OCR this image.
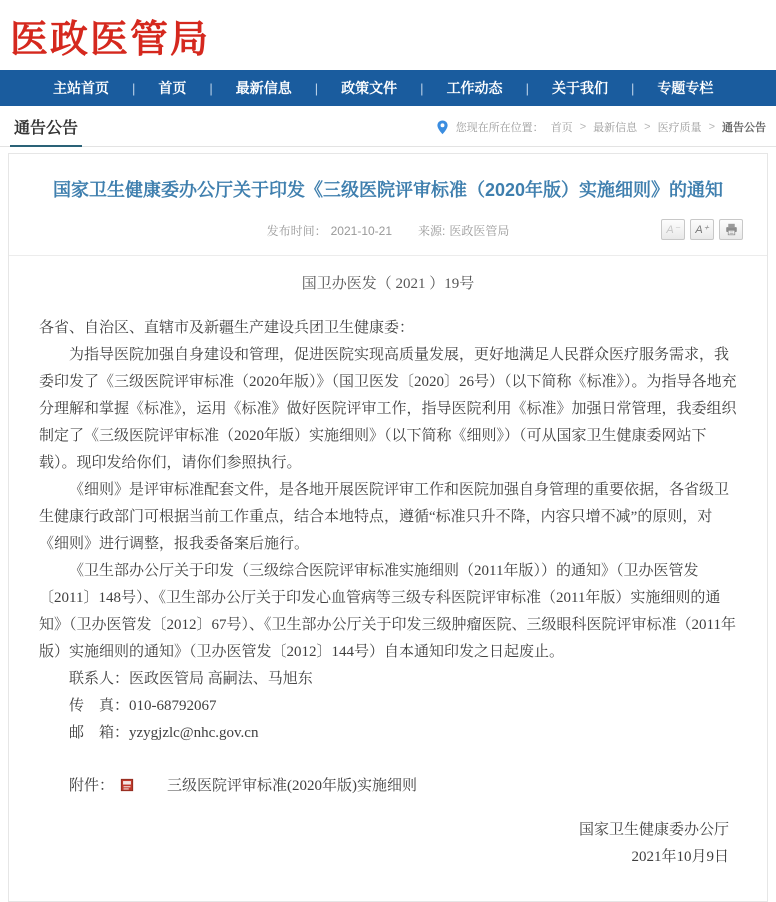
医政医管局
主站首页	|	首页	|	最新信息	|	政策文件	|	工作动态	|	关于我们	|	专题专栏
通告公告	您现在所在位置： 首页 > 最新信息 > 医疗质量 > 通告公告
国家卫生健康委办公厅关于印发《三级医院评审标准（2020年版）实施细则》的通知
发布时间： 2021-10-21 来源: 医政医管局	A⁻	A⁺
国卫办医发（ 2021 ）19号

各省、自治区、直辖市及新疆生产建设兵团卫生健康委：

为指导医院加强自身建设和管理，促进医院实现高质量发展，更好地满足人民群众医疗服务需求，我委印发了《三级医院评审标准（2020年版）》（国卫医发〔2020〕26号）（以下简称《标准》）。为指导各地充分理解和掌握《标准》，运用《标准》做好医院评审工作，指导医院利用《标准》加强日常管理，我委组织制定了《三级医院评审标准（2020年版）实施细则》（以下简称《细则》）（可从国家卫生健康委网站下载）。现印发给你们，请你们参照执行。

《细则》是评审标准配套文件，是各地开展医院评审工作和医院加强自身管理的重要依据，各省级卫生健康行政部门可根据当前工作重点，结合本地特点，遵循“标准只升不降，内容只增不减”的原则，对《细则》进行调整，报我委备案后施行。

《卫生部办公厅关于印发（三级综合医院评审标准实施细则（2011年版））的通知》（卫办医管发〔2011〕148号）、《卫生部办公厅关于印发心血管病等三级专科医院评审标准（2011年版）实施细则的通知》（卫办医管发〔2012〕67号）、《卫生部办公厅关于印发三级肿瘤医院、三级眼科医院评审标准（2011年版）实施细则的通知》（卫办医管发〔2012〕144号）自本通知印发之日起废止。

联系人：医政医管局 高嗣法、马旭东

传　真：010-68792067

邮　箱：yzygjzlc@nhc.gov.cn

附件：	三级医院评审标准(2020年版)实施细则
国家卫生健康委办公厅
2021年10月9日
